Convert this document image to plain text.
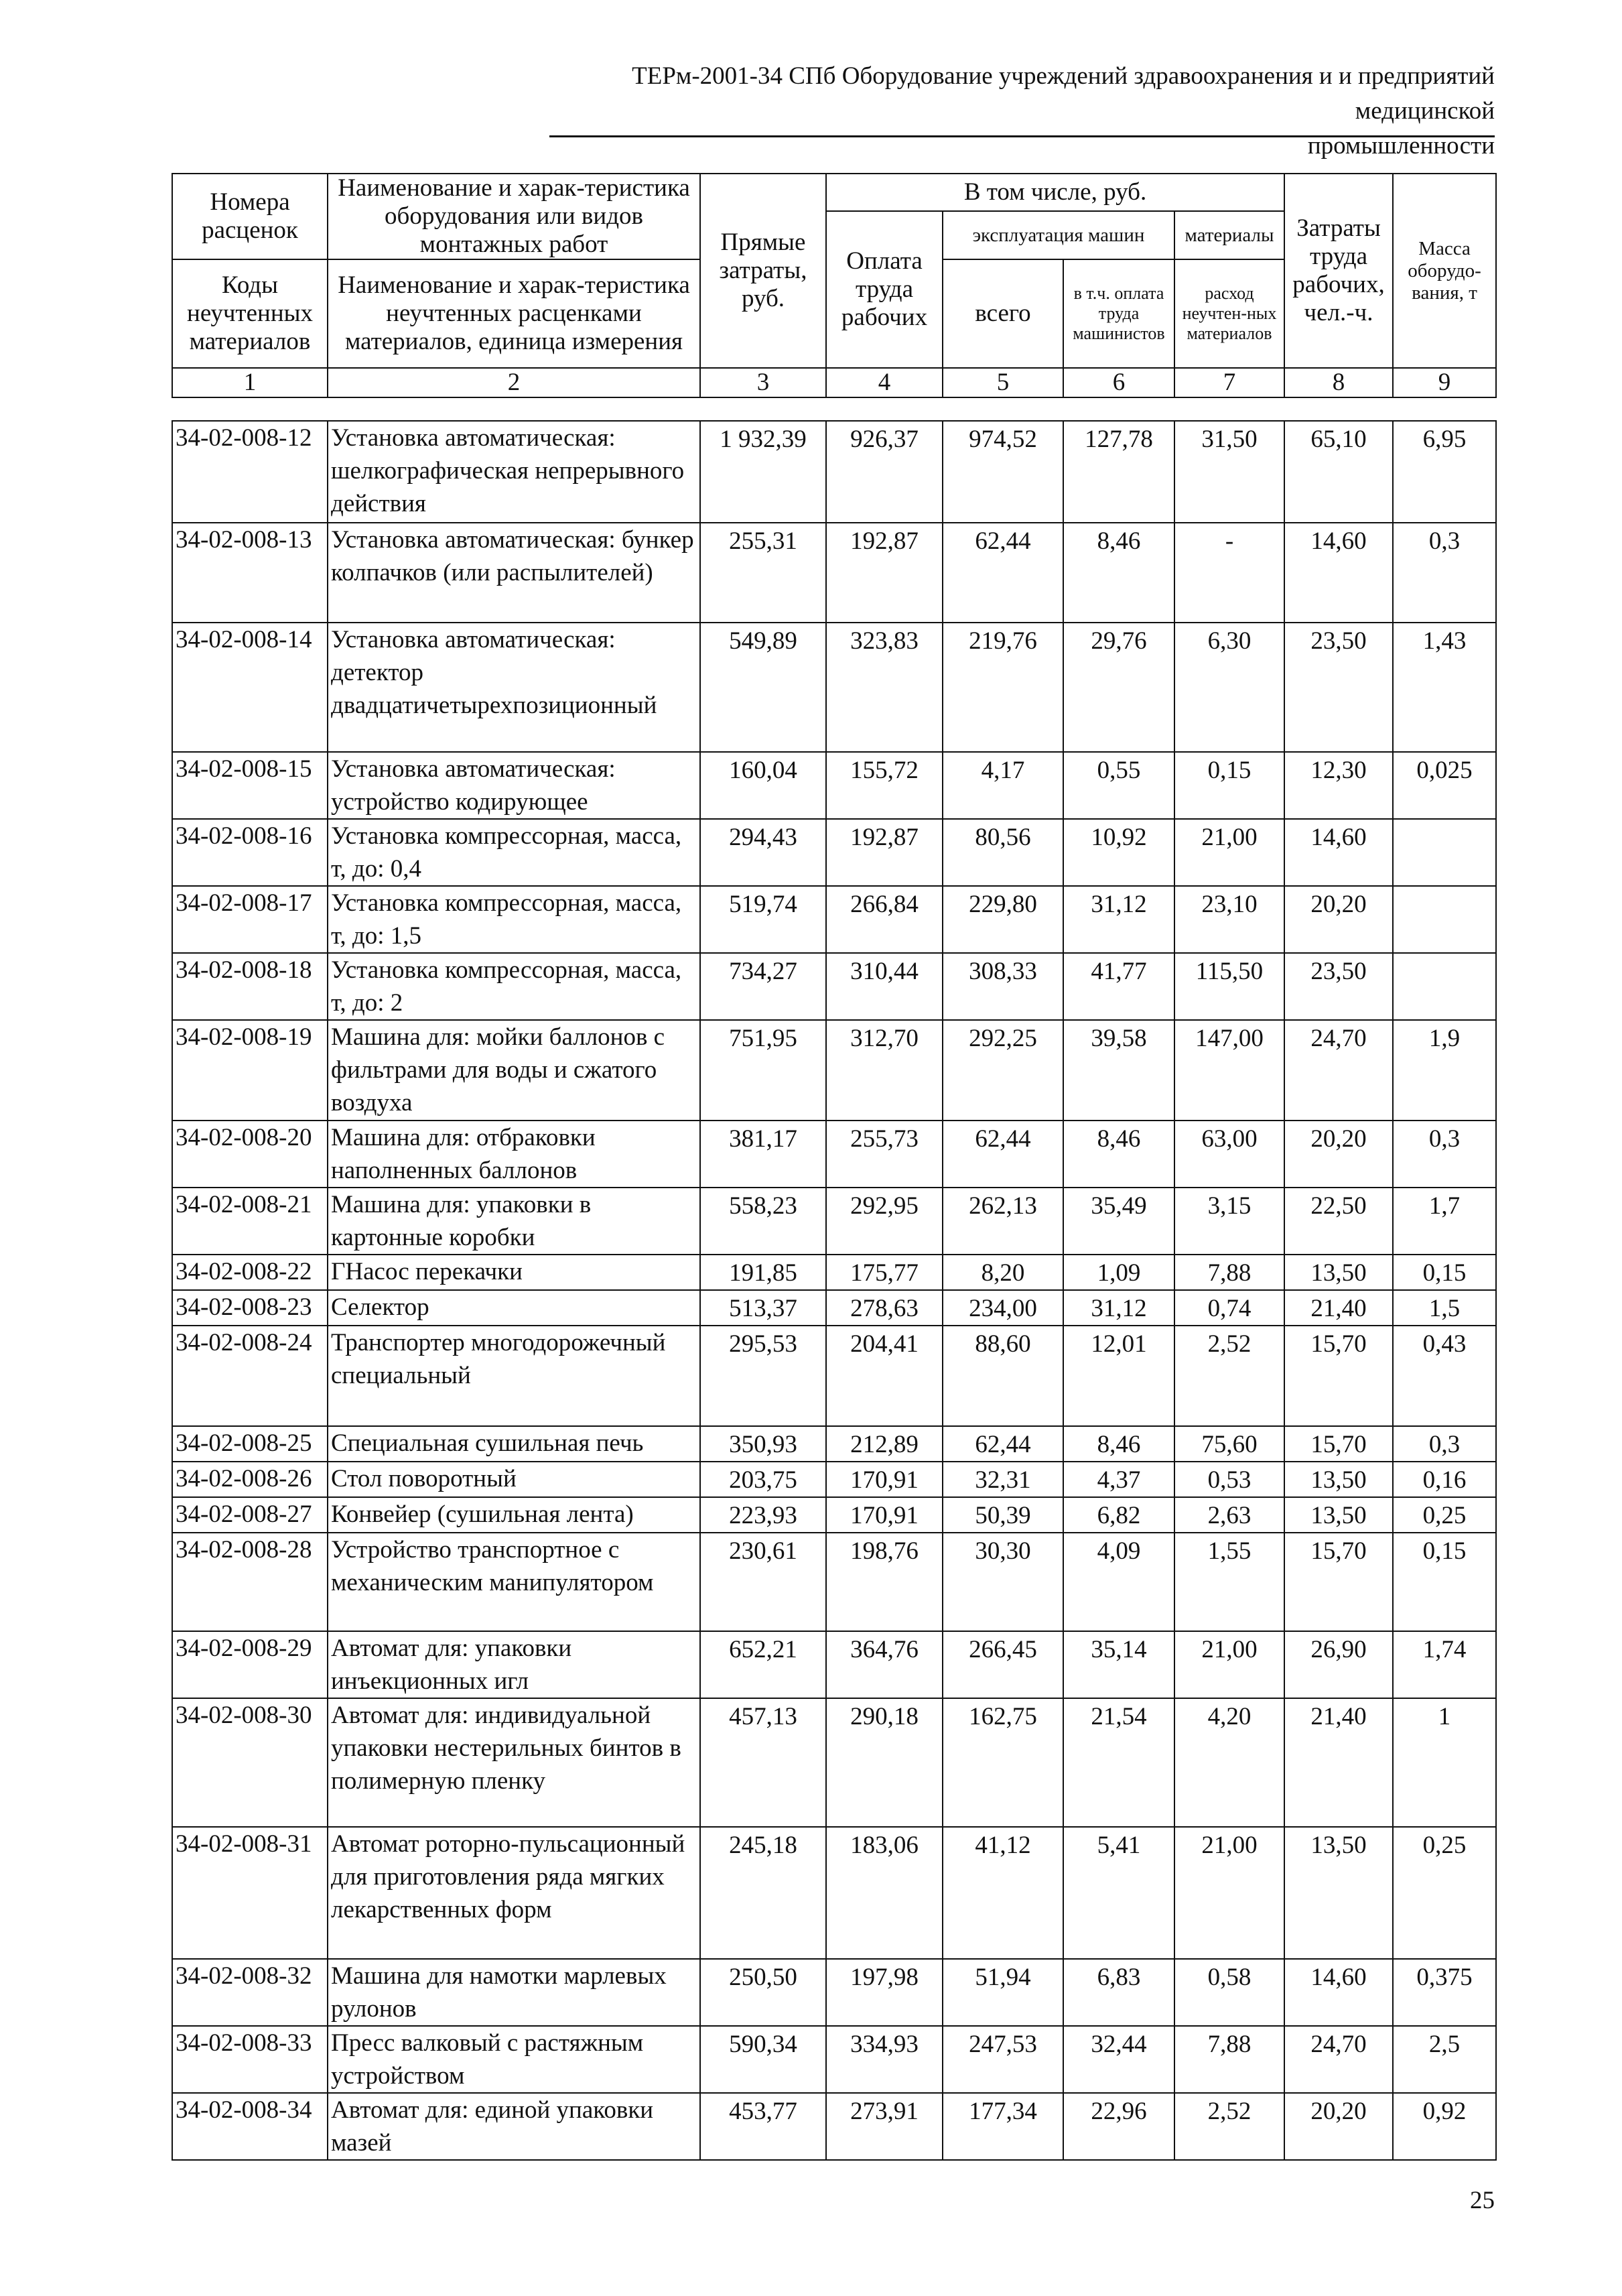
ТЕРм-2001-34 СПб Оборудование учреждений здравоохранения и и предприятий медицинской
промышленности
Номера расценок	Наименование и харак-теристика оборудования или видов монтажных работ	Прямые затраты, руб.	В том числе, руб.				Затраты труда рабочих, чел.-ч.	Масса оборудо-вания, т
			Оплата труда рабочих	эксплуатация машин		материалы		
Коды неучтенных материалов	Наименование и харак-теристика неучтенных расценками материалов, единица измерения			всего	в т.ч. оплата труда машинистов	расход неучтен-ных материалов		

1	2	3	4	5	6	7	8	9
34-02-008-12	Установка автоматическая: шелкографическая непрерывного действия	1 932,39	926,37	974,52	127,78	31,50	65,10	6,95
34-02-008-13	Установка автоматическая: бункер колпачков (или распылителей)	255,31	192,87	62,44	8,46	-	14,60	0,3
34-02-008-14	Установка автоматическая: детектор двадцатичетырехпозиционный	549,89	323,83	219,76	29,76	6,30	23,50	1,43
34-02-008-15	Установка автоматическая: устройство кодирующее	160,04	155,72	4,17	0,55	0,15	12,30	0,025
34-02-008-16	Установка компрессорная, масса, т, до: 0,4	294,43	192,87	80,56	10,92	21,00	14,60	
34-02-008-17	Установка компрессорная, масса, т, до: 1,5	519,74	266,84	229,80	31,12	23,10	20,20	
34-02-008-18	Установка компрессорная, масса, т, до: 2	734,27	310,44	308,33	41,77	115,50	23,50	
34-02-008-19	Машина для: мойки баллонов с фильтрами для воды и сжатого воздуха	751,95	312,70	292,25	39,58	147,00	24,70	1,9
34-02-008-20	Машина для: отбраковки наполненных баллонов	381,17	255,73	62,44	8,46	63,00	20,20	0,3
34-02-008-21	Машина для: упаковки в картонные коробки	558,23	292,95	262,13	35,49	3,15	22,50	1,7
34-02-008-22	ГНасос перекачки	191,85	175,77	8,20	1,09	7,88	13,50	0,15
34-02-008-23	Селектор	513,37	278,63	234,00	31,12	0,74	21,40	1,5
34-02-008-24	Транспортер многодорожечный специальный	295,53	204,41	88,60	12,01	2,52	15,70	0,43
34-02-008-25	Специальная сушильная печь	350,93	212,89	62,44	8,46	75,60	15,70	0,3
34-02-008-26	Стол поворотный	203,75	170,91	32,31	4,37	0,53	13,50	0,16
34-02-008-27	Конвейер (сушильная лента)	223,93	170,91	50,39	6,82	2,63	13,50	0,25
34-02-008-28	Устройство транспортное с механическим манипулятором	230,61	198,76	30,30	4,09	1,55	15,70	0,15
34-02-008-29	Автомат для: упаковки инъекционных игл	652,21	364,76	266,45	35,14	21,00	26,90	1,74
34-02-008-30	Автомат для: индивидуальной упаковки нестерильных бинтов в полимерную пленку	457,13	290,18	162,75	21,54	4,20	21,40	1
34-02-008-31	Автомат роторно-пульсационный для приготовления ряда мягких лекарственных форм	245,18	183,06	41,12	5,41	21,00	13,50	0,25
34-02-008-32	Машина для намотки марлевых рулонов	250,50	197,98	51,94	6,83	0,58	14,60	0,375
34-02-008-33	Пресс валковый с растяжным устройством	590,34	334,93	247,53	32,44	7,88	24,70	2,5
34-02-008-34	Автомат для: единой упаковки мазей	453,77	273,91	177,34	22,96	2,52	20,20	0,92
25
